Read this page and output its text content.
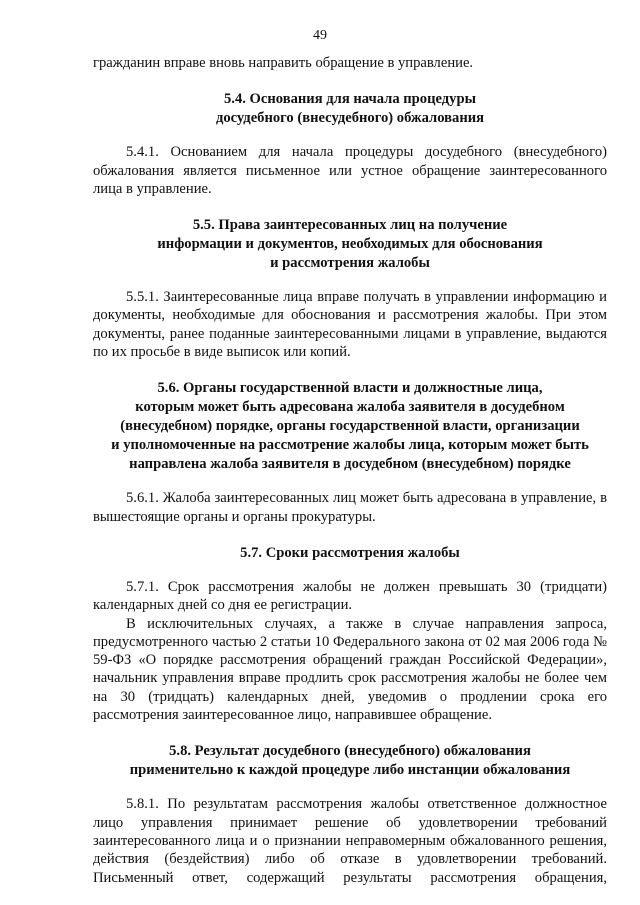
49

гражданин вправе вновь направить обращение в управление.

5.4. Основания для начала процедуры
досудебного (внесудебного) обжалования

5.4.1. Основанием для начала процедуры досудебного (внесудебного) обжалования является письменное или устное обращение заинтересованного лица в управление.

5.5. Права заинтересованных лиц на получение
информации и документов, необходимых для обоснования
и рассмотрения жалобы

5.5.1. Заинтересованные лица вправе получать в управлении информацию и документы, необходимые для обоснования и рассмотрения жалобы. При этом документы, ранее поданные заинтересованными лицами в управление, выдаются по их просьбе в виде выписок или копий.

5.6. Органы государственной власти и должностные лица,
которым может быть адресована жалоба заявителя в досудебном
(внесудебном) порядке, органы государственной власти, организации
и уполномоченные на рассмотрение жалобы лица, которым может быть
направлена жалоба заявителя в досудебном (внесудебном) порядке

5.6.1. Жалоба заинтересованных лиц может быть адресована в управление, в вышестоящие органы и органы прокуратуры.

5.7. Сроки рассмотрения жалобы

5.7.1. Срок рассмотрения жалобы не должен превышать 30 (тридцати) календарных дней со дня ее регистрации.

В исключительных случаях, а также в случае направления запроса, предусмотренного частью 2 статьи 10 Федерального закона от 02 мая 2006 года № 59-ФЗ «О порядке рассмотрения обращений граждан Российской Федерации», начальник управления вправе продлить срок рассмотрения жалобы не более чем на 30 (тридцать) календарных дней, уведомив о продлении срока его рассмотрения заинтересованное лицо, направившее обращение.

5.8. Результат досудебного (внесудебного) обжалования
применительно к каждой процедуре либо инстанции обжалования

5.8.1. По результатам рассмотрения жалобы ответственное должностное лицо управления принимает решение об удовлетворении требований заинтересованного лица и о признании неправомерным обжалованного решения, действия (бездействия) либо об отказе в удовлетворении требований. Письменный ответ, содержащий результаты рассмотрения обращения,
